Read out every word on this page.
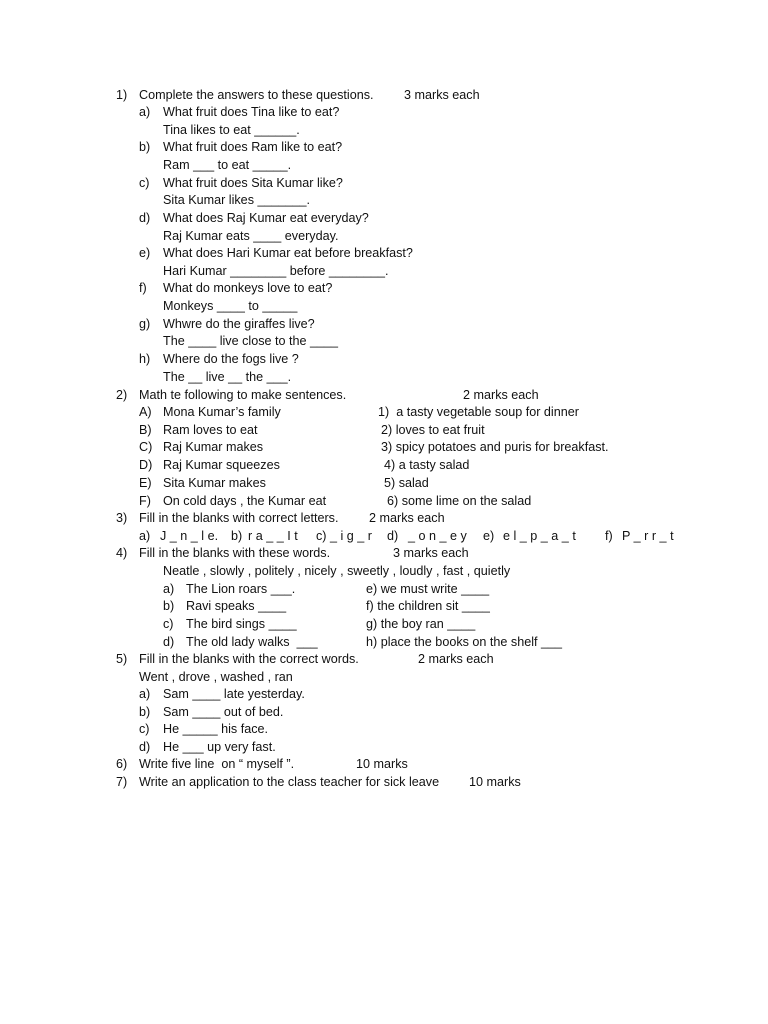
1) Complete the answers to these questions. 3 marks each
a) What fruit does Tina like to eat?
Tina likes to eat ______.
b) What fruit does Ram like to eat?
Ram ___ to eat _____.
c) What fruit does Sita Kumar like?
Sita Kumar likes _______.
d) What does Raj Kumar eat everyday?
Raj Kumar eats ____ everyday.
e) What does Hari Kumar eat before breakfast?
Hari Kumar ________ before ________.
f) What do monkeys love to eat?
Monkeys ____ to _____
g) Whwre do the giraffes live?
The ____ live close to the ____
h) Where do the fogs live ?
The __ live __ the ___.
2) Math te following to make sentences.	2 marks each
A) Mona Kumar’s family	1)  a tasty vegetable soup for dinner
B) Ram loves to eat	2) loves to eat fruit
C) Raj Kumar makes	3) spicy potatoes and puris for breakfast.
D) Raj Kumar squeezes	4) a tasty salad
E) Sita Kumar makes	5) salad
F) On cold days , the Kumar eat	6) some lime on the salad
3) Fill in the blanks with correct letters. 2 marks each
a) J _ n _ l e. b) r a _ _ I t c) _ i g _ r d) _ o n _ e y e) e l _ p _ a _ t f) P _ r r _ t
4) Fill in the blanks with these words.	3 marks each
Neatle , slowly , politely , nicely , sweetly , loudly , fast , quietly
a) The Lion roars ___.	e) we must write ____
b) Ravi speaks ____	f) the children sit ____
c) The bird sings ____	g) the boy ran ____
d) The old lady walks  ___	h) place the books on the shelf ___
5) Fill in the blanks with the correct words.	2 marks each
Went , drove , washed , ran
a) Sam ____ late yesterday.
b) Sam ____ out of bed.
c) He _____ his face.
d) He ___ up very fast.
6) Write five line  on “ myself ”.	10 marks
7) Write an application to the class teacher for sick leave 10 marks
